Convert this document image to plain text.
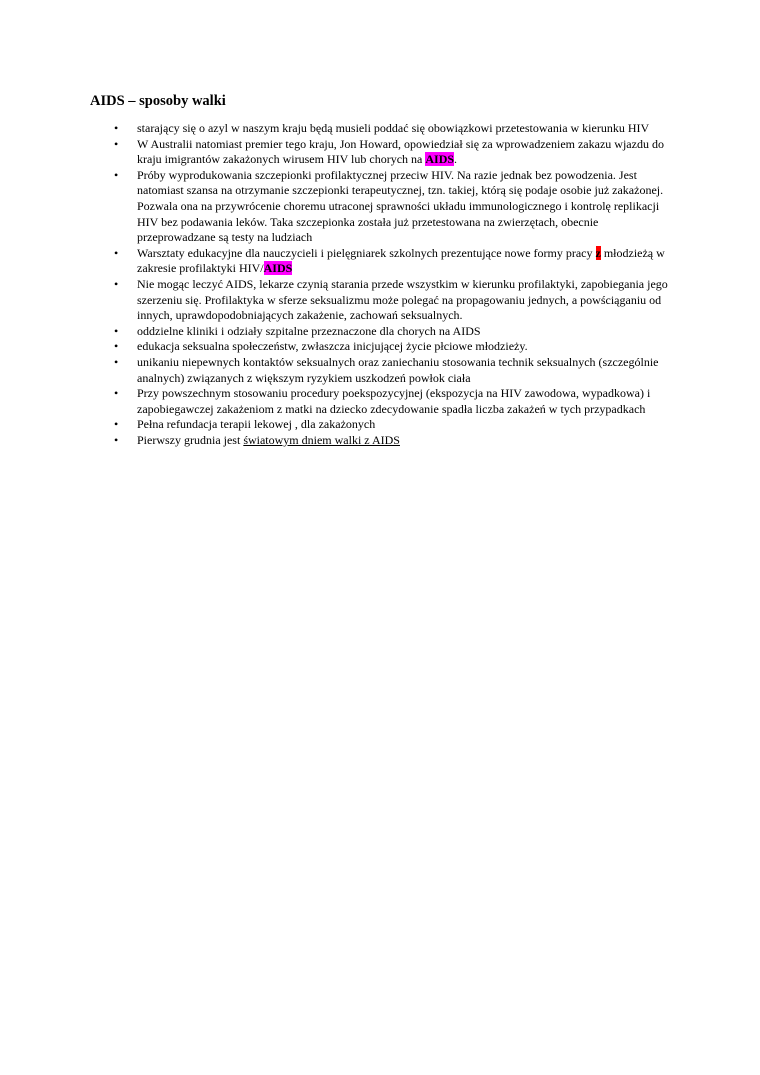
AIDS – sposoby walki
• starający się o azyl w naszym kraju będą musieli poddać się obowiązkowi przetestowania w kierunku HIV
• W Australii natomiast premier tego kraju, Jon Howard, opowiedział się za wprowadzeniem zakazu wjazdu do kraju imigrantów zakażonych wirusem HIV lub chorych na AIDS.
• Próby wyprodukowania szczepionki profilaktycznej przeciw HIV. Na razie jednak bez powodzenia. Jest natomiast szansa na otrzymanie szczepionki terapeutycznej, tzn. takiej, którą się podaje osobie już zakażonej. Pozwala ona na przywrócenie choremu utraconej sprawności układu immunologicznego i kontrolę replikacji HIV bez podawania leków. Taka szczepionka została już przetestowana na zwierzętach, obecnie przeprowadzane są testy na ludziach
• Warsztaty edukacyjne dla nauczycieli i pielęgniarek szkolnych prezentujące nowe formy pracy z młodzieżą w zakresie profilaktyki HIV/AIDS
• Nie mogąc leczyć AIDS, lekarze czynią starania przede wszystkim w kierunku profilaktyki, zapobiegania jego szerzeniu się. Profilaktyka w sferze seksualizmu może polegać na propagowaniu jednych, a powściąganiu od innych, uprawdopodobniających zakażenie, zachowań seksualnych.
• oddzielne kliniki i odziały szpitalne przeznaczone dla chorych na AIDS
• edukacja seksualna społeczeństw, zwłaszcza inicjującej życie płciowe młodzieży.
• unikaniu niepewnych kontaktów seksualnych oraz zaniechaniu stosowania technik seksualnych (szczególnie analnych) związanych z większym ryzykiem uszkodzeń powłok ciała
• Przy powszechnym stosowaniu procedury poekspozycyjnej (ekspozycja na HIV zawodowa, wypadkowa) i zapobiegawczej zakażeniom z matki na dziecko zdecydowanie spadła liczba zakażeń w tych przypadkach
• Pełna refundacja terapii lekowej , dla zakażonych
• Pierwszy grudnia jest światowym dniem walki z AIDS
